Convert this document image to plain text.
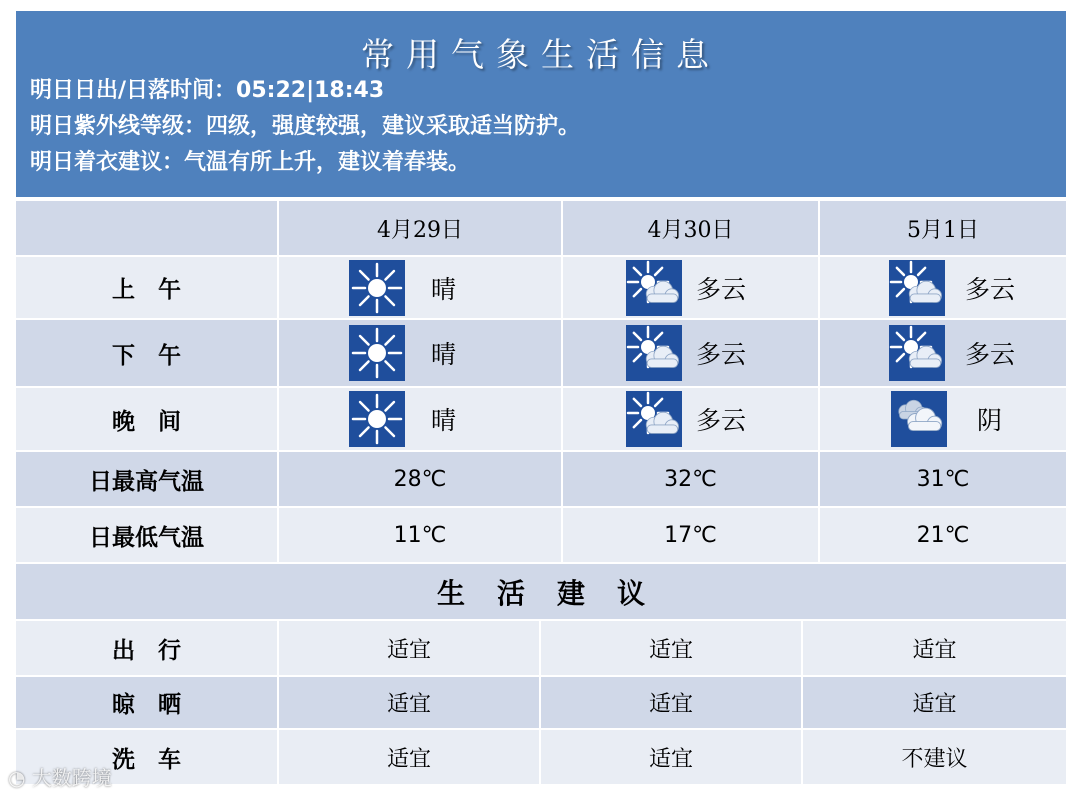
常用气象生活信息
明日日出/日落时间：05:22|18:43
明日紫外线等级：四级，强度较强，建议采取适当防护。
明日着衣建议：气温有所上升，建议着春装。
4月29日	4月30日	5月1日
上　午	晴	多云	多云
下　午	晴	多云	多云
晚　间	晴	多云	阴
日最高气温	28℃	32℃	31℃
日最低气温	11℃	17℃	21℃
生活建议
出　行	适宜	适宜	适宜
晾　晒	适宜	适宜	适宜
洗　车	适宜	适宜	不建议
◔ 大数跨境
